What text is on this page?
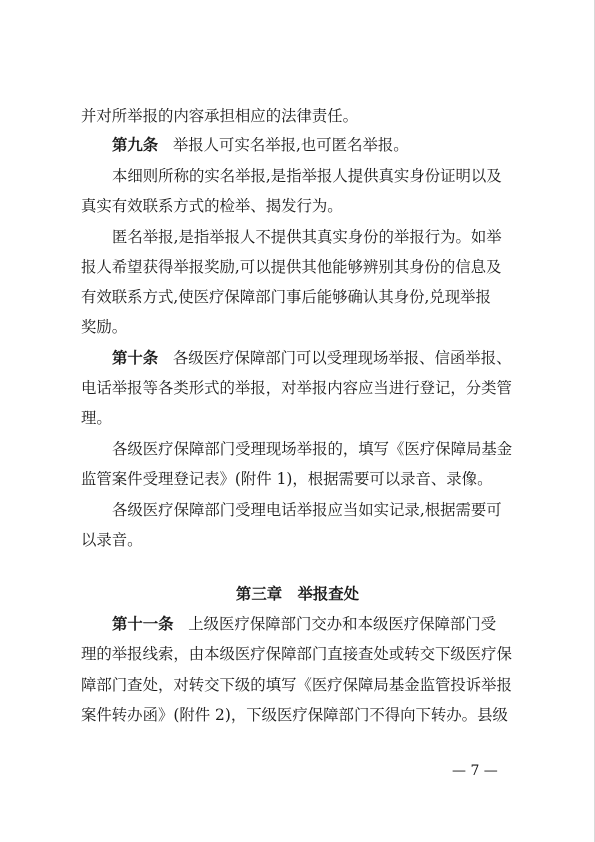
并对所举报的内容承担相应的法律责任。
第九条 举报人可实名举报,也可匿名举报。
本细则所称的实名举报,是指举报人提供真实身份证明以及
真实有效联系方式的检举、揭发行为。
匿名举报,是指举报人不提供其真实身份的举报行为。如举
报人希望获得举报奖励,可以提供其他能够辨别其身份的信息及
有效联系方式,使医疗保障部门事后能够确认其身份,兑现举报
奖励。
第十条 各级医疗保障部门可以受理现场举报、信函举报、
电话举报等各类形式的举报，对举报内容应当进行登记，分类管
理。
各级医疗保障部门受理现场举报的，填写《医疗保障局基金
监管案件受理登记表》(附件 1)，根据需要可以录音、录像。
各级医疗保障部门受理电话举报应当如实记录,根据需要可
以录音。
第三章　举报查处
第十一条 上级医疗保障部门交办和本级医疗保障部门受
理的举报线索，由本级医疗保障部门直接查处或转交下级医疗保
障部门查处，对转交下级的填写《医疗保障局基金监管投诉举报
案件转办函》(附件 2)，下级医疗保障部门不得向下转办。县级
— 7 —
